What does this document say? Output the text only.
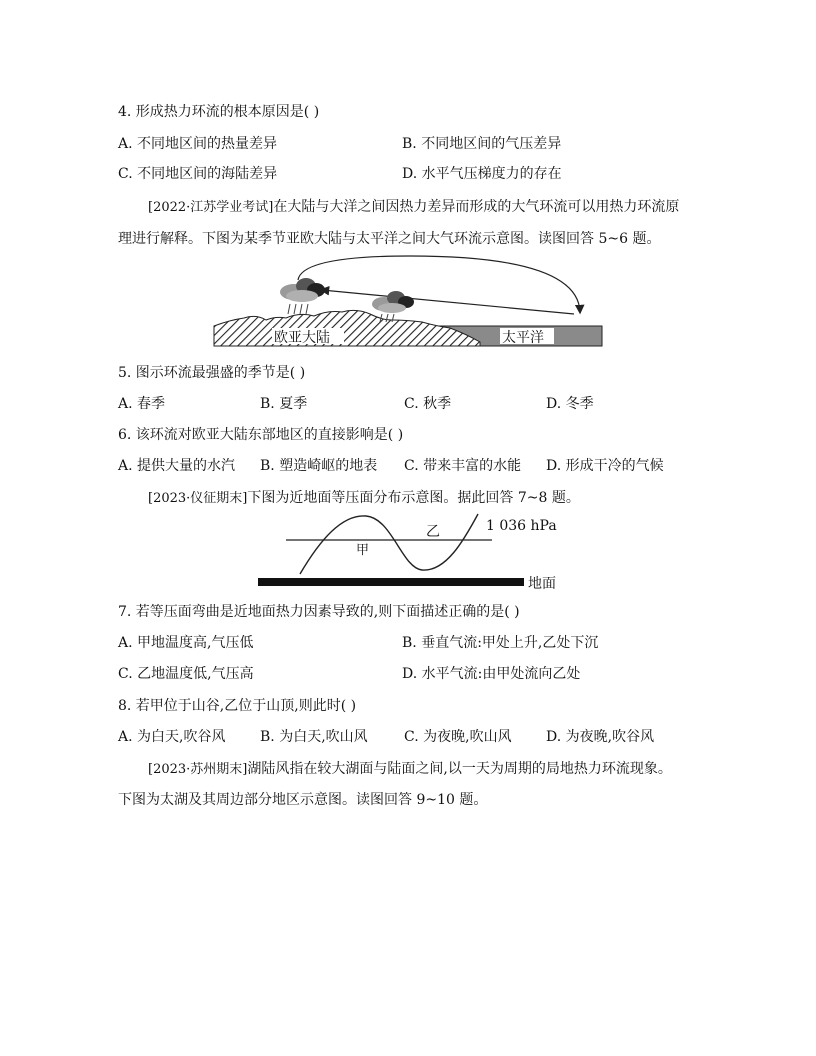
4. 形成热力环流的根本原因是( )
A. 不同地区间的热量差异	B. 不同地区间的气压差异
C. 不同地区间的海陆差异	D. 水平气压梯度力的存在
[2022·江苏学业考试]在大陆与大洋之间因热力差异而形成的大气环流可以用热力环流原
理进行解释。下图为某季节亚欧大陆与太平洋之间大气环流示意图。读图回答 5~6 题。
欧亚大陆	太平洋
5. 图示环流最强盛的季节是( )
A. 春季	B. 夏季	C. 秋季	D. 冬季
6. 该环流对欧亚大陆东部地区的直接影响是( )
A. 提供大量的水汽 B. 塑造崎岖的地表 C. 带来丰富的水能 D. 形成干冷的气候
[2023·仪征期末]下图为近地面等压面分布示意图。据此回答 7~8 题。
1 036 hPa
甲
乙
地面
7. 若等压面弯曲是近地面热力因素导致的,则下面描述正确的是( )
A. 甲地温度高,气压低	B. 垂直气流:甲处上升,乙处下沉
C. 乙地温度低,气压高	D. 水平气流:由甲处流向乙处
8. 若甲位于山谷,乙位于山顶,则此时( )
A. 为白天,吹谷风 B. 为白天,吹山风	C. 为夜晚,吹山风 D. 为夜晚,吹谷风
[2023·苏州期末]湖陆风指在较大湖面与陆面之间,以一天为周期的局地热力环流现象。
下图为太湖及其周边部分地区示意图。读图回答 9~10 题。
